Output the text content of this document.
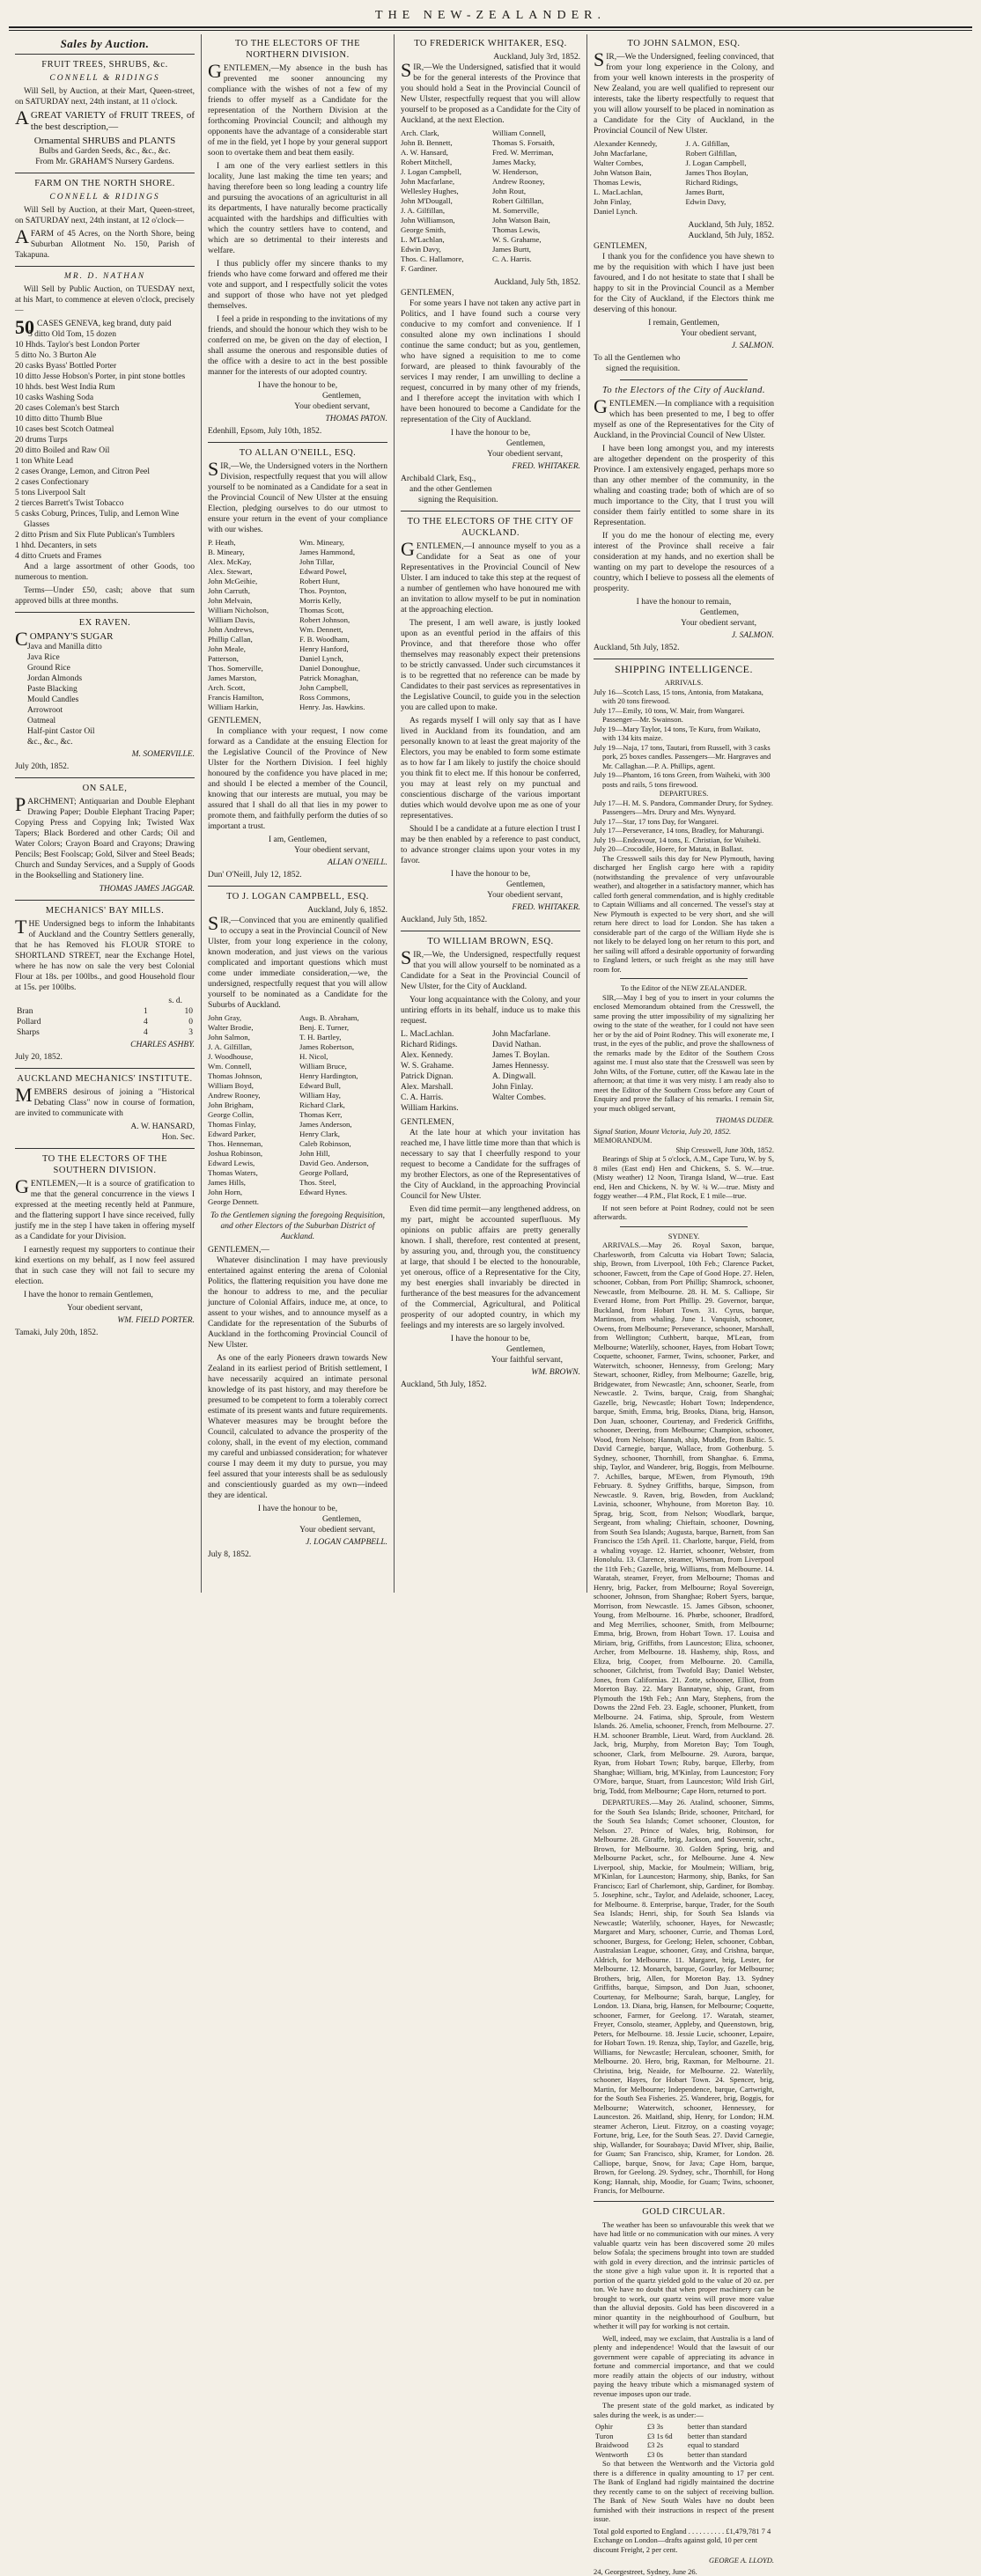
THE NEW-ZEALANDER.
Sales by Auction.
FRUIT TREES, SHRUBS, &c.
CONNELL & RIDINGS
Will Sell, by Auction, at their Mart, Queen-street, on SATURDAY next, 24th instant, at 11 o'clock.
AGREAT VARIETY of FRUIT TREES, of the best description,—
Ornamental SHRUBS and PLANTS
Bulbs and Garden Seeds, &c., &c., &c.
From Mr. GRAHAM'S Nursery Gardens.
FARM ON THE NORTH SHORE.
CONNELL & RIDINGS
Will Sell by Auction, at their Mart, Queen-street, on SATURDAY next, 24th instant, at 12 o'clock—
AFARM of 45 Acres, on the North Shore, being Suburban Allotment No. 150, Parish of Takapuna.
MR. D. NATHAN
Will Sell by Public Auction, on TUESDAY next, at his Mart, to commence at eleven o'clock, precisely—
50 CASES GENEVA, keg brand, duty paid
5 ditto Old Tom, 15 dozen
10 Hhds. Taylor's best London Porter
5 ditto No. 3 Burton Ale
20 casks Byass' Bottled Porter
10 ditto Jesse Hobson's Porter, in pint stone bottles
10 hhds. best West India Rum
10 casks Washing Soda
20 cases Coleman's best Starch
10 ditto ditto Thumb Blue
10 cases best Scotch Oatmeal
20 drums Turps
20 ditto Boiled and Raw Oil
1 ton White Lead
2 cases Orange, Lemon, and Citron Peel
2 cases Confectionary
5 tons Liverpool Salt
2 tierces Barrett's Twist Tobacco
5 casks Coburg, Princes, Tulip, and Lemon Wine Glasses
2 ditto Prism and Six Flute Publican's Tumblers
1 hhd. Decanters, in sets
4 ditto Cruets and Frames
And a large assortment of other Goods, too numerous to mention.
Terms—Under £50, cash; above that sum approved bills at three months.
EX RAVEN.
COMPANY'S SUGAR
Java and Manilla ditto
Java Rice
Ground Rice
Jordan Almonds
Paste Blacking
Mould Candles
Arrowroot
Oatmeal
Half-pint Castor Oil
&c., &c., &c.
M. SOMERVILLE.
July 20th, 1852.
ON SALE,
PARCHMENT; Antiquarian and Double Elephant Drawing Paper; Double Elephant Tracing Paper; Copying Press and Copying Ink; Twisted Wax Tapers; Black Bordered and other Cards; Oil and Water Colors; Crayon Board and Crayons; Drawing Pencils; Best Foolscap; Gold, Silver and Steel Beads; Church and Sunday Services, and a Supply of Goods in the Bookselling and Stationery line.
THOMAS JAMES JAGGAR.
MECHANICS' BAY MILLS.
THE Undersigned begs to inform the Inhabitants of Auckland and the Country Settlers generally, that he has Removed his FLOUR STORE to SHORTLAND STREET, near the Exchange Hotel, where he has now on sale the very best Colonial Flour at 18s. per 100lbs., and good Household flour at 15s. per 100lbs.
s. d.
Bran	1	10
Pollard	4	0
Sharps	4	3
CHARLES ASHBY.
July 20, 1852.
AUCKLAND MECHANICS' INSTITUTE.
MEMBERS desirous of joining a "Historical Debating Class" now in course of formation, are invited to communicate with
A. W. HANSARD,
Hon. Sec.
TO THE ELECTORS OF THE SOUTHERN DIVISION.
GENTLEMEN,—It is a source of gratification to me that the general concurrence in the views I expressed at the meeting recently held at Panmure, and the flattering support I have since received, fully justify me in the step I have taken in offering myself as a Candidate for your Division.
I earnestly request my supporters to continue their kind exertions on my behalf, as I now feel assured that in such case they will not fail to secure my election.
I have the honor to remain Gentlemen,
Your obedient servant,
WM. FIELD PORTER.
Tamaki, July 20th, 1852.
TO THE ELECTORS OF THE NORTHERN DIVISION.
GENTLEMEN,—My absence in the bush has prevented me sooner announcing my compliance with the wishes of not a few of my friends to offer myself as a Candidate for the representation of the Northern Division at the forthcoming Provincial Council; and although my opponents have the advantage of a considerable start of me in the field, yet I hope by your general support soon to overtake them and beat them easily.
I am one of the very earliest settlers in this locality, June last making the time ten years; and having therefore been so long leading a country life and pursuing the avocations of an agriculturist in all its departments, I have naturally become practically acquainted with the hardships and difficulties with which the country settlers have to contend, and which are so detrimental to their interests and welfare.
I thus publicly offer my sincere thanks to my friends who have come forward and offered me their vote and support, and I respectfully solicit the votes and support of those who have not yet pledged themselves.
I feel a pride in responding to the invitations of my friends, and should the honour which they wish to be conferred on me, be given on the day of election, I shall assume the onerous and responsible duties of the office with a desire to act in the best possible manner for the interests of our adopted country.
I have the honour to be,
Gentlemen,
Your obedient servant,
THOMAS PATON.
Edenhill, Epsom, July 10th, 1852.
TO ALLAN O'NEILL, ESQ.
SIR,—We, the Undersigned voters in the Northern Division, respectfully request that you will allow yourself to be nominated as a Candidate for a seat in the Provincial Council of New Ulster at the ensuing Election, pledging ourselves to do our utmost to ensure your return in the event of your compliance with our wishes.
P. Heath,	Wm. Mineary,
B. Mineary,	James Hammond,
Alex. McKay,	John Tillar,
Alex. Stewart,	Edward Powel,
John McGeihie,	Robert Hunt,
John Carruth,	Thos. Poynton,
John Melvain,	Morris Kelly,
William Nicholson,	Thomas Scott,
William Davis,	Robert Johnson,
John Andrews,	Wm. Dennett,
Phillip Callan,	F. B. Woodham,
John Meale,	Henry Hanford,
Patterson,	Daniel Lynch,
Thos. Somerville,	Daniel Donoughue,
James Marston,	Patrick Monaghan,
Arch. Scott,	John Campbell,
Francis Hamilton,	Ross Commons,
William Harkin,	Henry. Jas. Hawkins.
GENTLEMEN,
In compliance with your request, I now come forward as a Candidate at the ensuing Election for the Legislative Council of the Province of New Ulster for the Northern Division. I feel highly honoured by the confidence you have placed in me; and should I be elected a member of the Council, knowing that our interests are mutual, you may be assured that I shall do all that lies in my power to promote them, and faithfully perform the duties of so important a trust.
I am, Gentlemen,
Your obedient servant,
ALLAN O'NEILL.
Dun' O'Neill, July 12, 1852.
TO J. LOGAN CAMPBELL, ESQ.
Auckland, July 6, 1852.
SIR,—Convinced that you are eminently qualified to occupy a seat in the Provincial Council of New Ulster, from your long experience in the colony, known moderation, and just views on the various complicated and important questions which must come under immediate consideration,—we, the undersigned, respectfully request that you will allow yourself to be nominated as a Candidate for the Suburbs of Auckland.
John Gray,	Augs. B. Abraham,
Walter Brodie,	Benj. E. Turner,
John Salmon,	T. H. Bartley,
J. A. Gilfillan,	James Robertson,
J. Woodhouse,	H. Nicol,
Wm. Connell,	William Bruce,
Thomas Johnson,	Henry Hardington,
William Boyd,	Edward Bull,
Andrew Rooney,	William Hay,
John Brigham,	Richard Clark,
George Collin,	Thomas Kerr,
Thomas Finlay,	James Anderson,
Edward Parker,	Henry Clark,
Thos. Henneman,	Caleb Robinson,
Joshua Robinson,	John Hill,
Edward Lewis,	David Geo. Anderson,
Thomas Waters,	George Pollard,
James Hills,	Thos. Steel,
John Horn,	Edward Hynes.
George Dennett.
To the Gentlemen signing the foregoing Requisition, and other Electors of the Suburban District of Auckland.
GENTLEMEN,—
Whatever disinclination I may have previously entertained against entering the arena of Colonial Politics, the flattering requisition you have done me the honour to address to me, and the peculiar juncture of Colonial Affairs, induce me, at once, to assent to your wishes, and to announce myself as a Candidate for the representation of the Suburbs of Auckland in the forthcoming Provincial Council of New Ulster.
As one of the early Pioneers drawn towards New Zealand in its earliest period of British settlement, I have necessarily acquired an intimate personal knowledge of its past history, and may therefore be presumed to be competent to form a tolerably correct estimate of its present wants and future requirements. Whatever measures may be brought before the Council, calculated to advance the prosperity of the colony, shall, in the event of my election, command my careful and unbiassed consideration; for whatever course I may deem it my duty to pursue, you may feel assured that your interests shall be as sedulously and conscientiously guarded as my own—indeed they are identical.
I have the honour to be,
Gentlemen,
Your obedient servant,
J. LOGAN CAMPBELL.
July 8, 1852.
TO FREDERICK WHITAKER, ESQ.
Auckland, July 3rd, 1852.
SIR,—We the Undersigned, satisfied that it would be for the general interests of the Province that you should hold a Seat in the Provincial Council of New Ulster, respectfully request that you will allow yourself to be proposed as a Candidate for the City of Auckland, at the next Election.
Arch. Clark,	William Connell,
John B. Bennett,	Thomas S. Forsaith,
A. W. Hansard,	Fred. W. Merriman,
Robert Mitchell,	James Macky,
J. Logan Campbell,	W. Henderson,
John Macfarlane,	Andrew Rooney,
Wellesley Hughes,	John Rout,
John M'Dougall,	Robert Gilfillan,
J. A. Gilfillan,	M. Somerville,
John Williamson,	John Watson Bain,
George Smith,	Thomas Lewis,
L. M'Lachlan,	W. S. Grahame,
Edwin Davy,	James Burtt,
Thos. C. Hallamore,	C. A. Harris.
F. Gardiner.
Auckland, July 5th, 1852.
GENTLEMEN,
For some years I have not taken any active part in Politics, and I have found such a course very conducive to my comfort and convenience. If I consulted alone my own inclinations I should continue the same conduct; but as you, gentlemen, who have signed a requisition to me to come forward, are pleased to think favourably of the services I may render, I am unwilling to decline a request, concurred in by many other of my friends, and I therefore accept the invitation with which I have been honoured to become a Candidate for the representation of the City of Auckland.
I have the honour to be,
Gentlemen,
Your obedient servant,
FRED. WHITAKER.
Archibald Clark, Esq.,
and the other Gentlemen
signing the Requisition.
TO THE ELECTORS OF THE CITY OF AUCKLAND.
GENTLEMEN,—I announce myself to you as a Candidate for a Seat as one of your Representatives in the Provincial Council of New Ulster. I am induced to take this step at the request of a number of gentlemen who have honoured me with an invitation to allow myself to be put in nomination at the approaching election.
The present, I am well aware, is justly looked upon as an eventful period in the affairs of this Province, and that therefore those who offer themselves may reasonably expect their pretensions to be strictly canvassed. Under such circumstances it is to be regretted that no reference can be made by Candidates to their past services as representatives in the Legislative Council, to guide you in the selection you are called upon to make.
As regards myself I will only say that as I have lived in Auckland from its foundation, and am personally known to at least the great majority of the Electors, you may be enabled to form some estimate as to how far I am likely to justify the choice should you think fit to elect me. If this honour be conferred, you may at least rely on my punctual and conscientious discharge of the various important duties which would devolve upon me as one of your representatives.
Should I be a candidate at a future election I trust I may be then enabled by a reference to past conduct, to advance stronger claims upon your votes in my favor.
I have the honour to be,
Gentlemen,
Your obedient servant,
FRED. WHITAKER.
Auckland, July 5th, 1852.
TO WILLIAM BROWN, ESQ.
SIR,—We, the Undersigned, respectfully request that you will allow yourself to be nominated as a Candidate for a Seat in the Provincial Council of New Ulster, for the City of Auckland.
Your long acquaintance with the Colony, and your untiring efforts in its behalf, induce us to make this request.
L. MacLachlan.	John Macfarlane.
Richard Ridings.	David Nathan.
Alex. Kennedy.	James T. Boylan.
W. S. Grahame.	James Hennessy.
Patrick Dignan.	A. Dingwall.
Alex. Marshall.	John Finlay.
C. A. Harris.	Walter Combes.
William Harkins.
GENTLEMEN,
At the late hour at which your invitation has reached me, I have little time more than that which is necessary to say that I cheerfully respond to your request to become a Candidate for the suffrages of my brother Electors, as one of the Representatives of the City of Auckland, in the approaching Provincial Council for New Ulster.
Even did time permit—any lengthened address, on my part, might be accounted superfluous. My opinions on public affairs are pretty generally known. I shall, therefore, rest contented at present, by assuring you, and, through you, the constituency at large, that should I be elected to the honourable, yet onerous, office of a Representative for the City, my best energies shall invariably be directed in furtherance of the best measures for the advancement of the Commercial, Agricultural, and Political prosperity of our adopted country, in which my feelings and my interests are so largely involved.
I have the honour to be,
Gentlemen,
Your faithful servant,
WM. BROWN.
Auckland, 5th July, 1852.
TO JOHN SALMON, ESQ.
SIR,—We the Undersigned, feeling convinced, that from your long experience in the Colony, and from your well known interests in the prosperity of New Zealand, you are well qualified to represent our interests, take the liberty respectfully to request that you will allow yourself to be placed in nomination as a Candidate for the City of Auckland, in the Provincial Council of New Ulster.
Alexander Kennedy,	J. A. Gilfillan,
John Macfarlane,	Robert Gilfillan,
Walter Combes,	J. Logan Campbell,
John Watson Bain,	James Thos Boylan,
Thomas Lewis,	Richard Ridings,
L. MacLachlan,	James Burtt,
John Finlay,	Edwin Davy,
Daniel Lynch.
Auckland, 5th July, 1852.
Auckland, 5th July, 1852.
GENTLEMEN,
I thank you for the confidence you have shewn to me by the requisition with which I have just been favoured, and I do not hesitate to state that I shall be happy to sit in the Provincial Council as a Member for the City of Auckland, if the Electors think me deserving of this honour.
I remain, Gentlemen,
Your obedient servant,
J. SALMON.
To all the Gentlemen who
signed the requisition.
To the Electors of the City of Auckland.
GENTLEMEN.—In compliance with a requisition which has been presented to me, I beg to offer myself as one of the Representatives for the City of Auckland, in the Provincial Council of New Ulster.
I have been long amongst you, and my interests are altogether dependent on the prosperity of this Province. I am extensively engaged, perhaps more so than any other member of the community, in the whaling and coasting trade; both of which are of so much importance to the City, that I trust you will consider them fairly entitled to some share in its Representation.
If you do me the honour of electing me, every interest of the Province shall receive a fair consideration at my hands, and no exertion shall be wanting on my part to develope the resources of a country, which I believe to possess all the elements of prosperity.
I have the honour to remain,
Gentlemen,
Your obedient servant,
J. SALMON.
Auckland, 5th July, 1852.
SHIPPING INTELLIGENCE.
ARRIVALS.
July 16—Scotch Lass, 15 tons, Antonia, from Matakana, with 20 tons firewood.
July 17—Emily, 10 tons, W. Mair, from Wangarei. Passenger—Mr. Swainson.
July 19—Mary Taylor, 14 tons, Te Kuru, from Waikato, with 134 kits maize.
July 19—Naja, 17 tons, Tautari, from Russell, with 3 casks pork, 25 boxes candles. Passengers—Mr. Hargraves and Mr. Callaghan.—P. A. Phillips, agent.
July 19—Phantom, 16 tons Green, from Waiheki, with 300 posts and rails, 5 tons firewood.
DEPARTURES.
July 17—H. M. S. Pandora, Commander Drury, for Sydney. Passengers—Mrs. Drury and Mrs. Wynyard.
July 17—Star, 17 tons Day, for Wangarei.
July 17—Perseverance, 14 tons, Bradley, for Mahurangi.
July 19—Endeavour, 14 tons, E. Christian, for Waiheki.
July 20—Crocodile, Hoere, for Matata, in Ballast.
The Cresswell sails this day for New Plymouth, having discharged her English cargo here with a rapidity (notwithstanding the prevalence of very unfavourable weather), and altogether in a satisfactory manner, which has called forth general commendation, and is highly creditable to Captain Williams and all concerned. The vessel's stay at New Plymouth is expected to be very short, and she will return here direct to load for London. She has taken a considerable part of the cargo of the William Hyde she is not likely to be delayed long on her return to this port, and her sailing will afford a desirable opportunity of forwarding to England letters, or such freight as she may still have room for.
To the Editor of the NEW ZEALANDER.
SIR,—May I beg of you to insert in your columns the enclosed Memorandum obtained from the Cresswell, the same proving the utter impossibility of my signalizing her owing to the state of the weather, for I could not have seen her or by the aid of Point Rodney. This will exonerate me, I trust, in the eyes of the public, and prove the shallowness of the remarks made by the Editor of the Southern Cross against me. I must also state that the Cresswell was seen by John Wilts, of the Fortune, cutter, off the Kawau late in the afternoon; at that time it was very misty. I am ready also to meet the Editor of the Southern Cross before any Court of Enquiry and prove the fallacy of his remarks. I remain Sir, your much obliged servant,
THOMAS DUDER.
Signal Station, Mount Victoria, July 20, 1852.
MEMORANDUM.
Ship Cresswell, June 30th, 1852.
Bearings of Ship at 5 o'clock, A.M., Cape Turu, W. by S, 8 miles (East end) Hen and Chickens, S. S. W.—true. (Misty weather) 12 Noon, Tiranga Island, W—true. East end, Hen and Chickens, N. by W. ¾ W.—true. Misty and foggy weather—4 P.M., Flat Rock, E 1 mile—true.
If not seen before at Point Rodney, could not be seen afterwards.
SYDNEY.
ARRIVALS.—May 26. Royal Saxon, barque, Charlesworth, from Calcutta via Hobart Town; Salacia, ship, Brown, from Liverpool, 10th Feb.; Clarence Packet, schooner, Fawcett, from the Cape of Good Hope. 27. Helen, schooner, Cobban, from Port Phillip; Shamrock, schooner, Newcastle, from Melbourne. 28. H. M. S. Calliope, Sir Everard Home, from Port Phillip. 29. Governor, barque, Buckland, from Hobart Town. 31. Cyrus, barque, Martinson, from whaling. June 1. Vanquish, schooner, Owens, from Melbourne; Perseverance, schooner, Marshall, from Wellington; Cuthbertt, barque, M'Lean, from Melbourne; Waterlily, schooner, Hayes, from Hobart Town; Coquette, schooner, Farmer, Twins, schooner, Parker, and Waterwitch, schooner, Hennessy, from Geelong; Mary Stewart, schooner, Ridley, from Melbourne; Gazelle, brig, Bridgewater, from Newcastle; Ann, schooner, Searle, from Newcastle. 2. Twins, barque, Craig, from Shanghai; Gazelle, brig, Newcastle; Hobart Town; Independence, barque, Smith, Emma, brig, Brooks, Diana, brig, Hanson, Don Juan, schooner, Courtenay, and Frederick Griffiths, schooner, Deering, from Melbourne; Champion, schooner, Wood, from Nelson; Hannah, ship, Muddle, from Baltic. 5. David Carnegie, barque, Wallace, from Gothenburg. 5. Sydney, schooner, Thornhill, from Shanghae. 6. Emma, ship, Taylor, and Wanderer, brig, Boggis, from Melbourne. 7. Achilles, barque, M'Ewen, from Plymouth, 19th February. 8. Sydney Griffiths, barque, Simpson, from Newcastle. 9. Raven, brig, Bowden, from Auckland; Lavinia, schooner, Whyhoune, from Moreton Bay. 10. Sprag, brig, Scott, from Nelson; Woodlark, barque, Sergeant, from whaling; Chieftain, schooner, Downing, from South Sea Islands; Augusta, barque, Barnett, from San Francisco the 15th April. 11. Charlotte, barque, Field, from a whaling voyage. 12. Harriet, schooner, Webster, from Honolulu. 13. Clarence, steamer, Wiseman, from Liverpool the 11th Feb.; Gazelle, brig, Williams, from Melbourne. 14. Waratah, steamer, Freyer, from Melbourne; Thomas and Henry, brig, Packer, from Melbourne; Royal Sovereign, schooner, Johnson, from Shanghae; Robert Syers, barque, Morrison, from Newcastle. 15. James Gibson, schooner, Young, from Melbourne. 16. Phœbe, schooner, Bradford, and Meg Merrilies, schooner, Smith, from Melbourne; Emma, brig, Brown, from Hobart Town. 17. Louisa and Miriam, brig, Griffiths, from Launceston; Eliza, schooner, Archer, from Melbourne. 18. Hashemy, ship, Ross, and Eliza, brig, Cooper, from Melbourne. 20. Camilla, schooner, Gilchrist, from Twofold Bay; Daniel Webster, Jones, from Californias. 21. Zotte, schooner, Elliot, from Moreton Bay. 22. Mary Bannatyne, ship, Grant, from Plymouth the 19th Feb.; Ann Mary, Stephens, from the Downs the 22nd Feb. 23. Eagle, schooner, Plunkett, from Melbourne. 24. Fatima, ship, Sproule, from Western Islands. 26. Amelia, schooner, French, from Melbourne. 27. H.M. schooner Bramble, Lieut. Ward, from Auckland. 28. Jack, brig, Murphy, from Moreton Bay; Tom Tough, schooner, Clark, from Melbourne. 29. Aurora, barque, Ryan, from Hobart Town; Ruby, barque, Ellerby, from Shanghae; William, brig, M'Kinlay, from Launceston; Fory O'More, barque, Stuart, from Launceston; Wild Irish Girl, brig, Todd, from Melbourne; Cape Horn, returned to port.
DEPARTURES.—May 26. Atalind, schooner, Simms, for the South Sea Islands; Bride, schooner, Pritchard, for the South Sea Islands; Comet schooner, Clouston, for Nelson. 27. Prince of Wales, brig, Robinson, for Melbourne. 28. Giraffe, brig, Jackson, and Souvenir, schr., Brown, for Melbourne. 30. Golden Spring, brig, and Melbourne Packet, schr., for Melbourne. June 4. New Liverpool, ship, Mackie, for Moulmein; William, brig, M'Kinlan, for Launceston; Harmony, ship, Banks, for San Francisco; Earl of Charlemont, ship, Gardiner, for Bombay. 5. Josephine, schr., Taylor, and Adelaide, schooner, Lacey, for Melbourne. 8. Enterprise, barque, Trader, for the South Sea Islands; Henri, ship, for South Sea Islands via Newcastle; Waterlily, schooner, Hayes, for Newcastle; Margaret and Mary, schooner, Currie, and Thomas Lord, schooner, Burgess, for Geelong; Helen, schooner, Cobban, Australasian League, schooner, Gray, and Crishna, barque, Aldrich, for Melbourne. 11. Margaret, brig, Lester, for Melbourne. 12. Monarch, barque, Gourlay, for Melbourne; Brothers, brig, Allen, for Moreton Bay. 13. Sydney Griffiths, barque, Simpson, and Don Juan, schooner, Courtenay, for Melbourne; Sarah, barque, Langley, for London. 13. Diana, brig, Hansen, for Melbourne; Coquette, schooner, Farmer, for Geelong. 17. Waratah, steamer, Freyer, Consolo, steamer, Appleby, and Queenstown, brig, Peters, for Melbourne. 18. Jessie Lucie, schooner, Lepaire, for Hobart Town. 19. Renza, ship, Taylor, and Gazelle, brig, Williams, for Newcastle; Herculean, schooner, Smith, for Melbourne. 20. Hero, brig, Raxman, for Melbourne. 21. Christina, brig, Neaide, for Melbourne. 22. Waterlily, schooner, Hayes, for Hobart Town. 24. Spencer, brig, Martin, for Melbourne; Independence, barque, Cartwright, for the South Sea Fisheries. 25. Wanderer, brig, Boggis, for Melbourne; Waterwitch, schooner, Hennessey, for Launceston. 26. Maitland, ship, Henry, for London; H.M. steamer Acheron, Lieut. Fitzroy, on a coasting voyage; Fortune, brig, Lee, for the South Seas. 27. David Carnegie, ship, Wallander, for Sourabaya; David M'Iver, ship, Bailie, for Guam; San Francisco, ship, Kramer, for London. 28. Calliope, barque, Snow, for Java; Cape Horn, barque, Brown, for Geelong. 29. Sydney, schr., Thornhill, for Hong Kong; Hannah, ship, Moodie, for Guam; Twins, schooner, Francis, for Melbourne.
GOLD CIRCULAR.
The weather has been so unfavourable this week that we have had little or no communication with our mines. A very valuable quartz vein has been discovered some 20 miles below Sofala; the specimens brought into town are studded with gold in every direction, and the intrinsic particles of the stone give a high value upon it. It is reported that a portion of the quartz yielded gold to the value of 20 oz. per ton. We have no doubt that when proper machinery can be brought to work, our quartz veins will prove more value than the alluvial deposits. Gold has been discovered in a minor quantity in the neighbourhood of Goulburn, but whether it will pay for working is not certain.
Well, indeed, may we exclaim, that Australia is a land of plenty and independence! Would that the lawsuit of our government were capable of appreciating its advance in fortune and commercial importance, and that we could more readily attain the objects of our industry, without paying the heavy tribute which a mismanaged system of revenue imposes upon our trade.
The present state of the gold market, as indicated by sales during the week, is as under:—
Ophir	£3 3s	better than standard
Turon	£3 1s 6d	better than standard
Braidwood	£3 2s	equal to standard
Wentworth	£3 0s	better than standard
So that between the Wentworth and the Victoria gold there is a difference in quality amounting to 17 per cent. The Bank of England had rigidly maintained the doctrine they recently came to on the subject of receiving bullion. The Bank of New South Wales have no doubt been furnished with their instructions in respect of the present issue.
Total gold exported to England . . . . . . . . . . £1,479,781 7 4
Exchange on London—drafts against gold, 10 per cent discount Freight, 2 per cent.
GEORGE A. LLOYD.
24, Georgestreet, Sydney, June 26.
